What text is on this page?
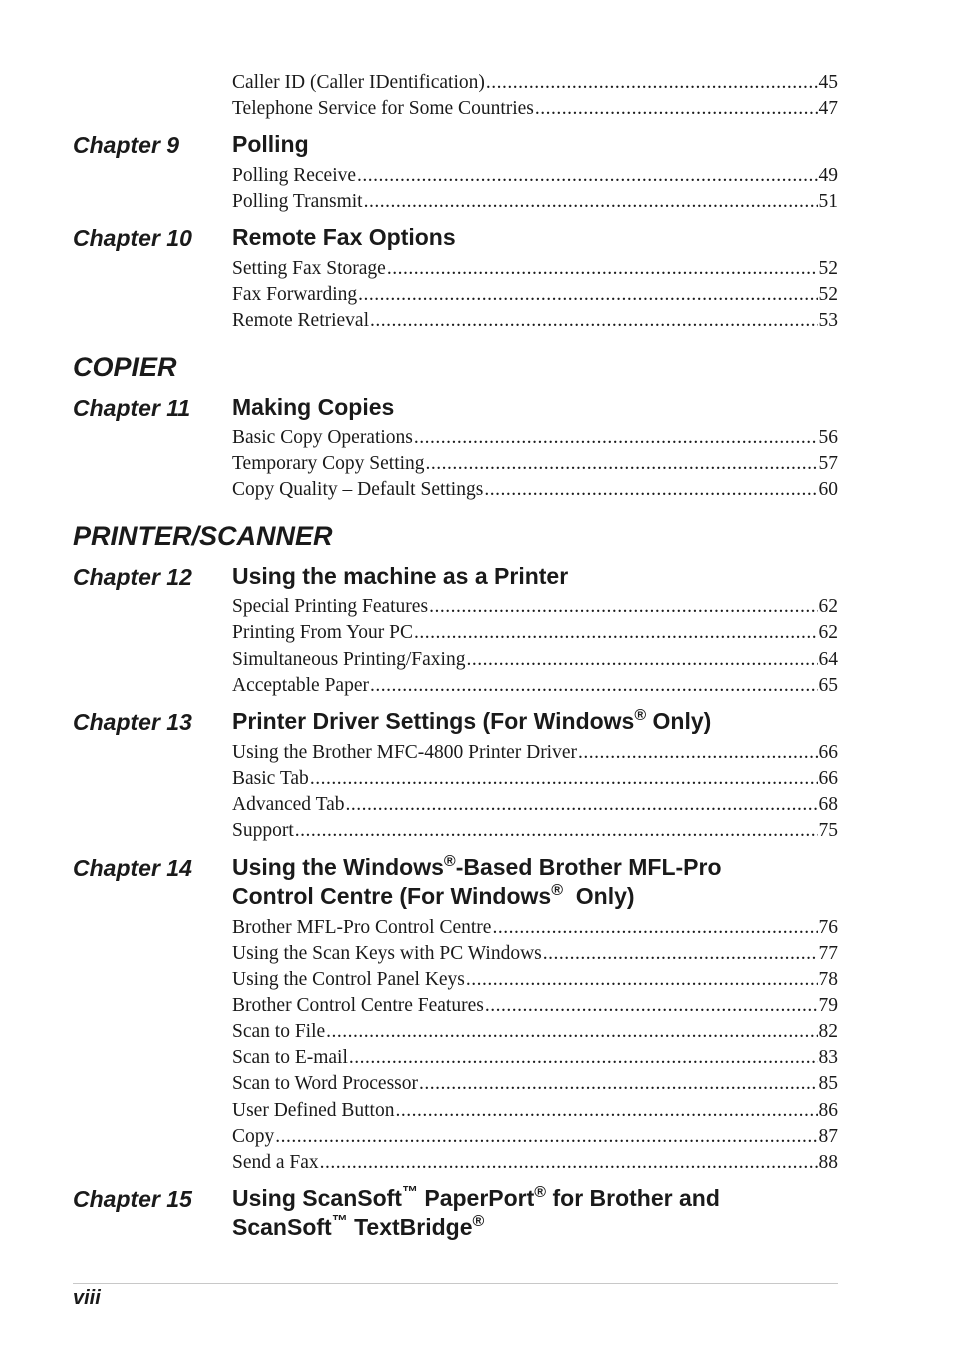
Caller ID (Caller IDentification) .....	45
Telephone Service for Some Countries .....	47
Chapter 9 Polling
Polling Receive .....	49
Polling Transmit .....	51
Chapter 10 Remote Fax Options
Setting Fax Storage .....	52
Fax Forwarding .....	52
Remote Retrieval .....	53
COPIER
Chapter 11 Making Copies
Basic Copy Operations .....	56
Temporary Copy Setting .....	57
Copy Quality – Default Settings .....	60
PRINTER/SCANNER
Chapter 12 Using the machine as a Printer
Special Printing Features .....	62
Printing From Your PC .....	62
Simultaneous Printing/Faxing .....	64
Acceptable Paper .....	65
Chapter 13 Printer Driver Settings (For Windows® Only)
Using the Brother MFC-4800 Printer Driver .....	66
Basic Tab .....	66
Advanced Tab .....	68
Support .....	75
Chapter 14 Using the Windows®-Based Brother MFL-Pro
Control Centre (For Windows®  Only)
Brother MFL-Pro Control Centre .....	76
Using the Scan Keys with PC Windows .....	77
Using the Control Panel Keys .....	78
Brother Control Centre Features .....	79
Scan to File .....	82
Scan to E-mail .....	83
Scan to Word Processor .....	85
User Defined Button .....	86
Copy .....	87
Send a Fax .....	88
Chapter 15 Using ScanSoft™ PaperPort® for Brother and
ScanSoft™ TextBridge®
viii
